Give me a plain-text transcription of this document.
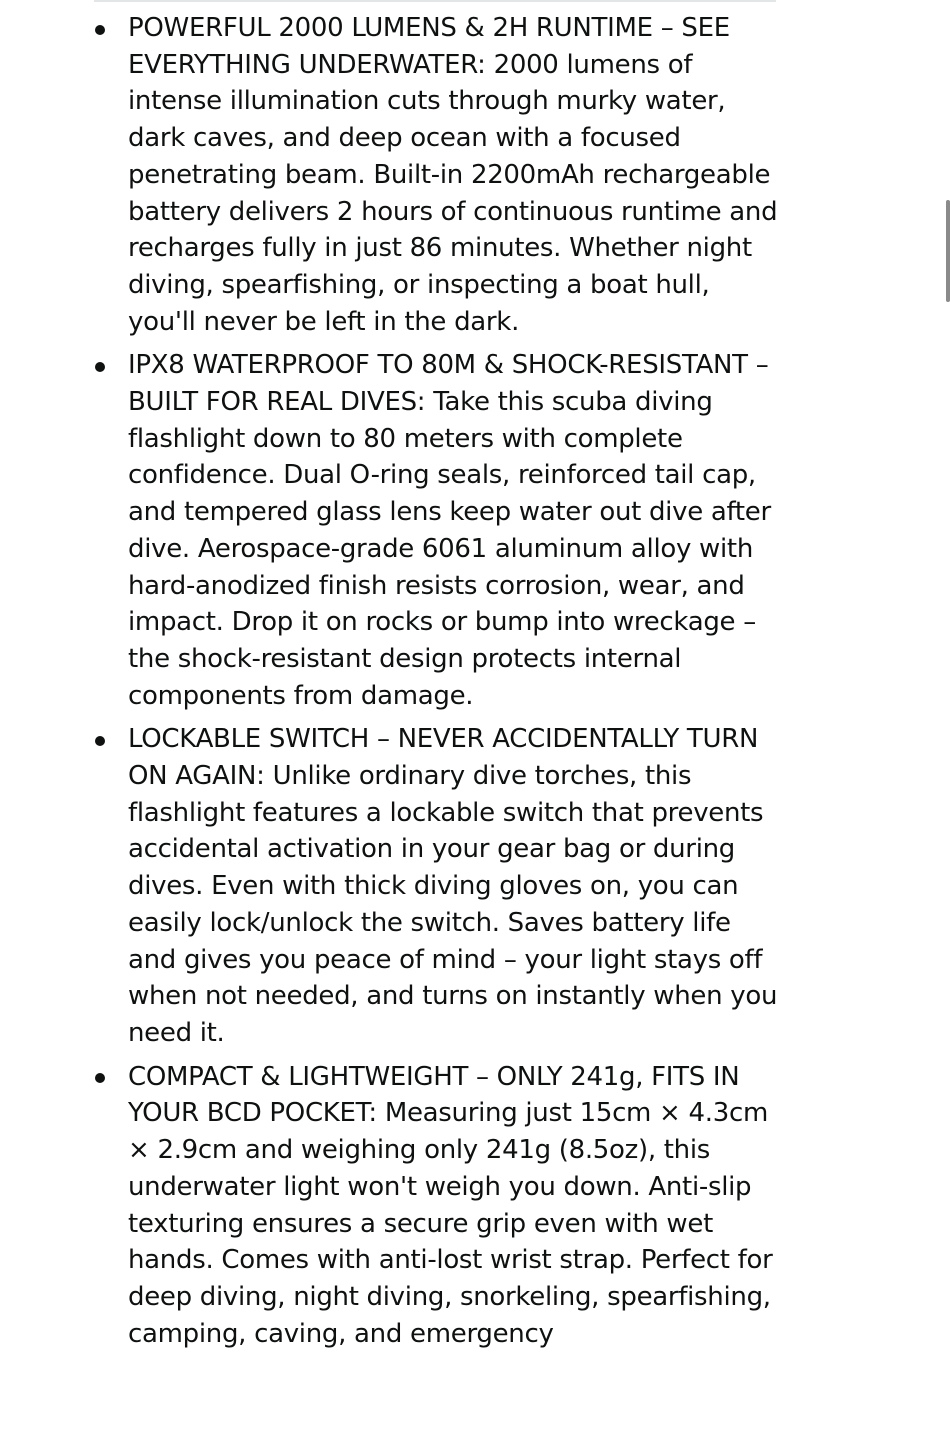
POWERFUL 2000 LUMENS & 2H RUNTIME – SEE EVERYTHING UNDERWATER: 2000 lumens of intense illumination cuts through murky water, dark caves, and deep ocean with a focused penetrating beam. Built-in 2200mAh rechargeable battery delivers 2 hours of continuous runtime and recharges fully in just 86 minutes. Whether night diving, spearfishing, or inspecting a boat hull, you'll never be left in the dark.
IPX8 WATERPROOF TO 80M & SHOCK-RESISTANT – BUILT FOR REAL DIVES: Take this scuba diving flashlight down to 80 meters with complete confidence. Dual O-ring seals, reinforced tail cap, and tempered glass lens keep water out dive after dive. Aerospace-grade 6061 aluminum alloy with hard-anodized finish resists corrosion, wear, and impact. Drop it on rocks or bump into wreckage – the shock-resistant design protects internal components from damage.
LOCKABLE SWITCH – NEVER ACCIDENTALLY TURN ON AGAIN: Unlike ordinary dive torches, this flashlight features a lockable switch that prevents accidental activation in your gear bag or during dives. Even with thick diving gloves on, you can easily lock/unlock the switch. Saves battery life and gives you peace of mind – your light stays off when not needed, and turns on instantly when you need it.
COMPACT & LIGHTWEIGHT – ONLY 241g, FITS IN YOUR BCD POCKET: Measuring just 15cm × 4.3cm × 2.9cm and weighing only 241g (8.5oz), this underwater light won't weigh you down. Anti-slip texturing ensures a secure grip even with wet hands. Comes with anti-lost wrist strap. Perfect for deep diving, night diving, snorkeling, spearfishing, camping, caving, and emergency
